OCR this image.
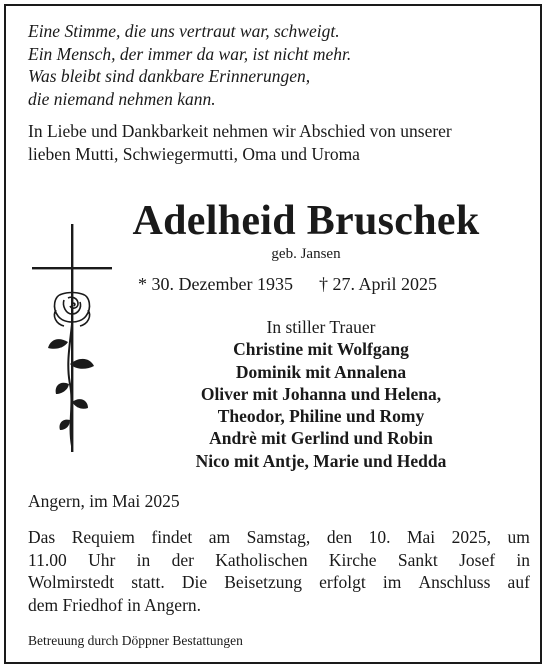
Eine Stimme, die uns vertraut war, schweigt.
Ein Mensch, der immer da war, ist nicht mehr.
Was bleibt sind dankbare Erinnerungen,
die niemand nehmen kann.
In Liebe und Dankbarkeit nehmen wir Abschied von unserer
lieben Mutti, Schwiegermutti, Oma und Uroma
Adelheid Bruschek
geb. Jansen
* 30. Dezember 1935 † 27. April 2025
In stiller Trauer
Christine mit Wolfgang
Dominik mit Annalena
Oliver mit Johanna und Helena,
Theodor, Philine und Romy
Andrè mit Gerlind und Robin
Nico mit Antje, Marie und Hedda
Angern, im Mai 2025
Das Requiem findet am Samstag, den 10. Mai 2025, um
11.00 Uhr in der Katholischen Kirche Sankt Josef in
Wolmirstedt statt. Die Beisetzung erfolgt im Anschluss auf
dem Friedhof in Angern.
Betreuung durch Döppner Bestattungen
